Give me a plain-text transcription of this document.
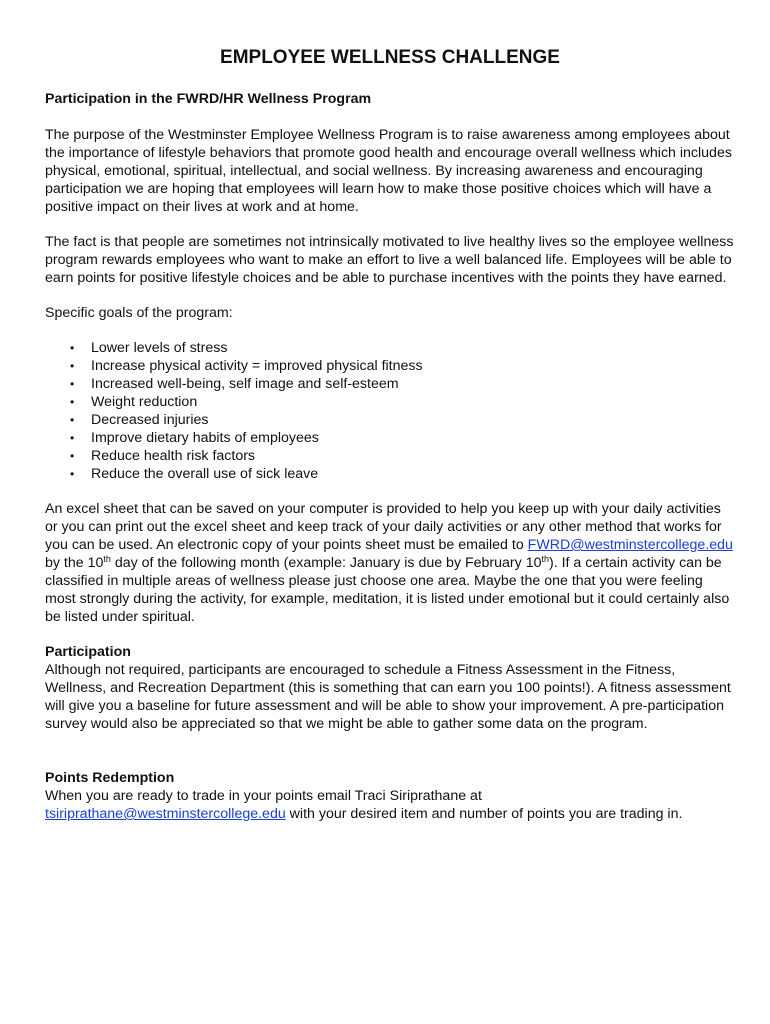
EMPLOYEE WELLNESS CHALLENGE

Participation in the FWRD/HR Wellness Program

The purpose of the Westminster Employee Wellness Program is to raise awareness among employees about the importance of lifestyle behaviors that promote good health and encourage overall wellness which includes physical, emotional, spiritual, intellectual, and social wellness. By increasing awareness and encouraging participation we are hoping that employees will learn how to make those positive choices which will have a positive impact on their lives at work and at home.

The fact is that people are sometimes not intrinsically motivated to live healthy lives so the employee wellness program rewards employees who want to make an effort to live a well balanced life. Employees will be able to earn points for positive lifestyle choices and be able to purchase incentives with the points they have earned.

Specific goals of the program:

• Lower levels of stress
• Increase physical activity = improved physical fitness
• Increased well-being, self image and self-esteem
• Weight reduction
• Decreased injuries
• Improve dietary habits of employees
• Reduce health risk factors
• Reduce the overall use of sick leave

An excel sheet that can be saved on your computer is provided to help you keep up with your daily activities or you can print out the excel sheet and keep track of your daily activities or any other method that works for you can be used. An electronic copy of your points sheet must be emailed to FWRD@westminstercollege.edu by the 10th day of the following month (example: January is due by February 10th). If a certain activity can be classified in multiple areas of wellness please just choose one area. Maybe the one that you were feeling most strongly during the activity, for example, meditation, it is listed under emotional but it could certainly also be listed under spiritual.

Participation

Although not required, participants are encouraged to schedule a Fitness Assessment in the Fitness, Wellness, and Recreation Department (this is something that can earn you 100 points!). A fitness assessment will give you a baseline for future assessment and will be able to show your improvement. A pre-participation survey would also be appreciated so that we might be able to gather some data on the program.

Points Redemption

When you are ready to trade in your points email Traci Siriprathane at

tsiriprathane@westminstercollege.edu with your desired item and number of points you are trading in.
